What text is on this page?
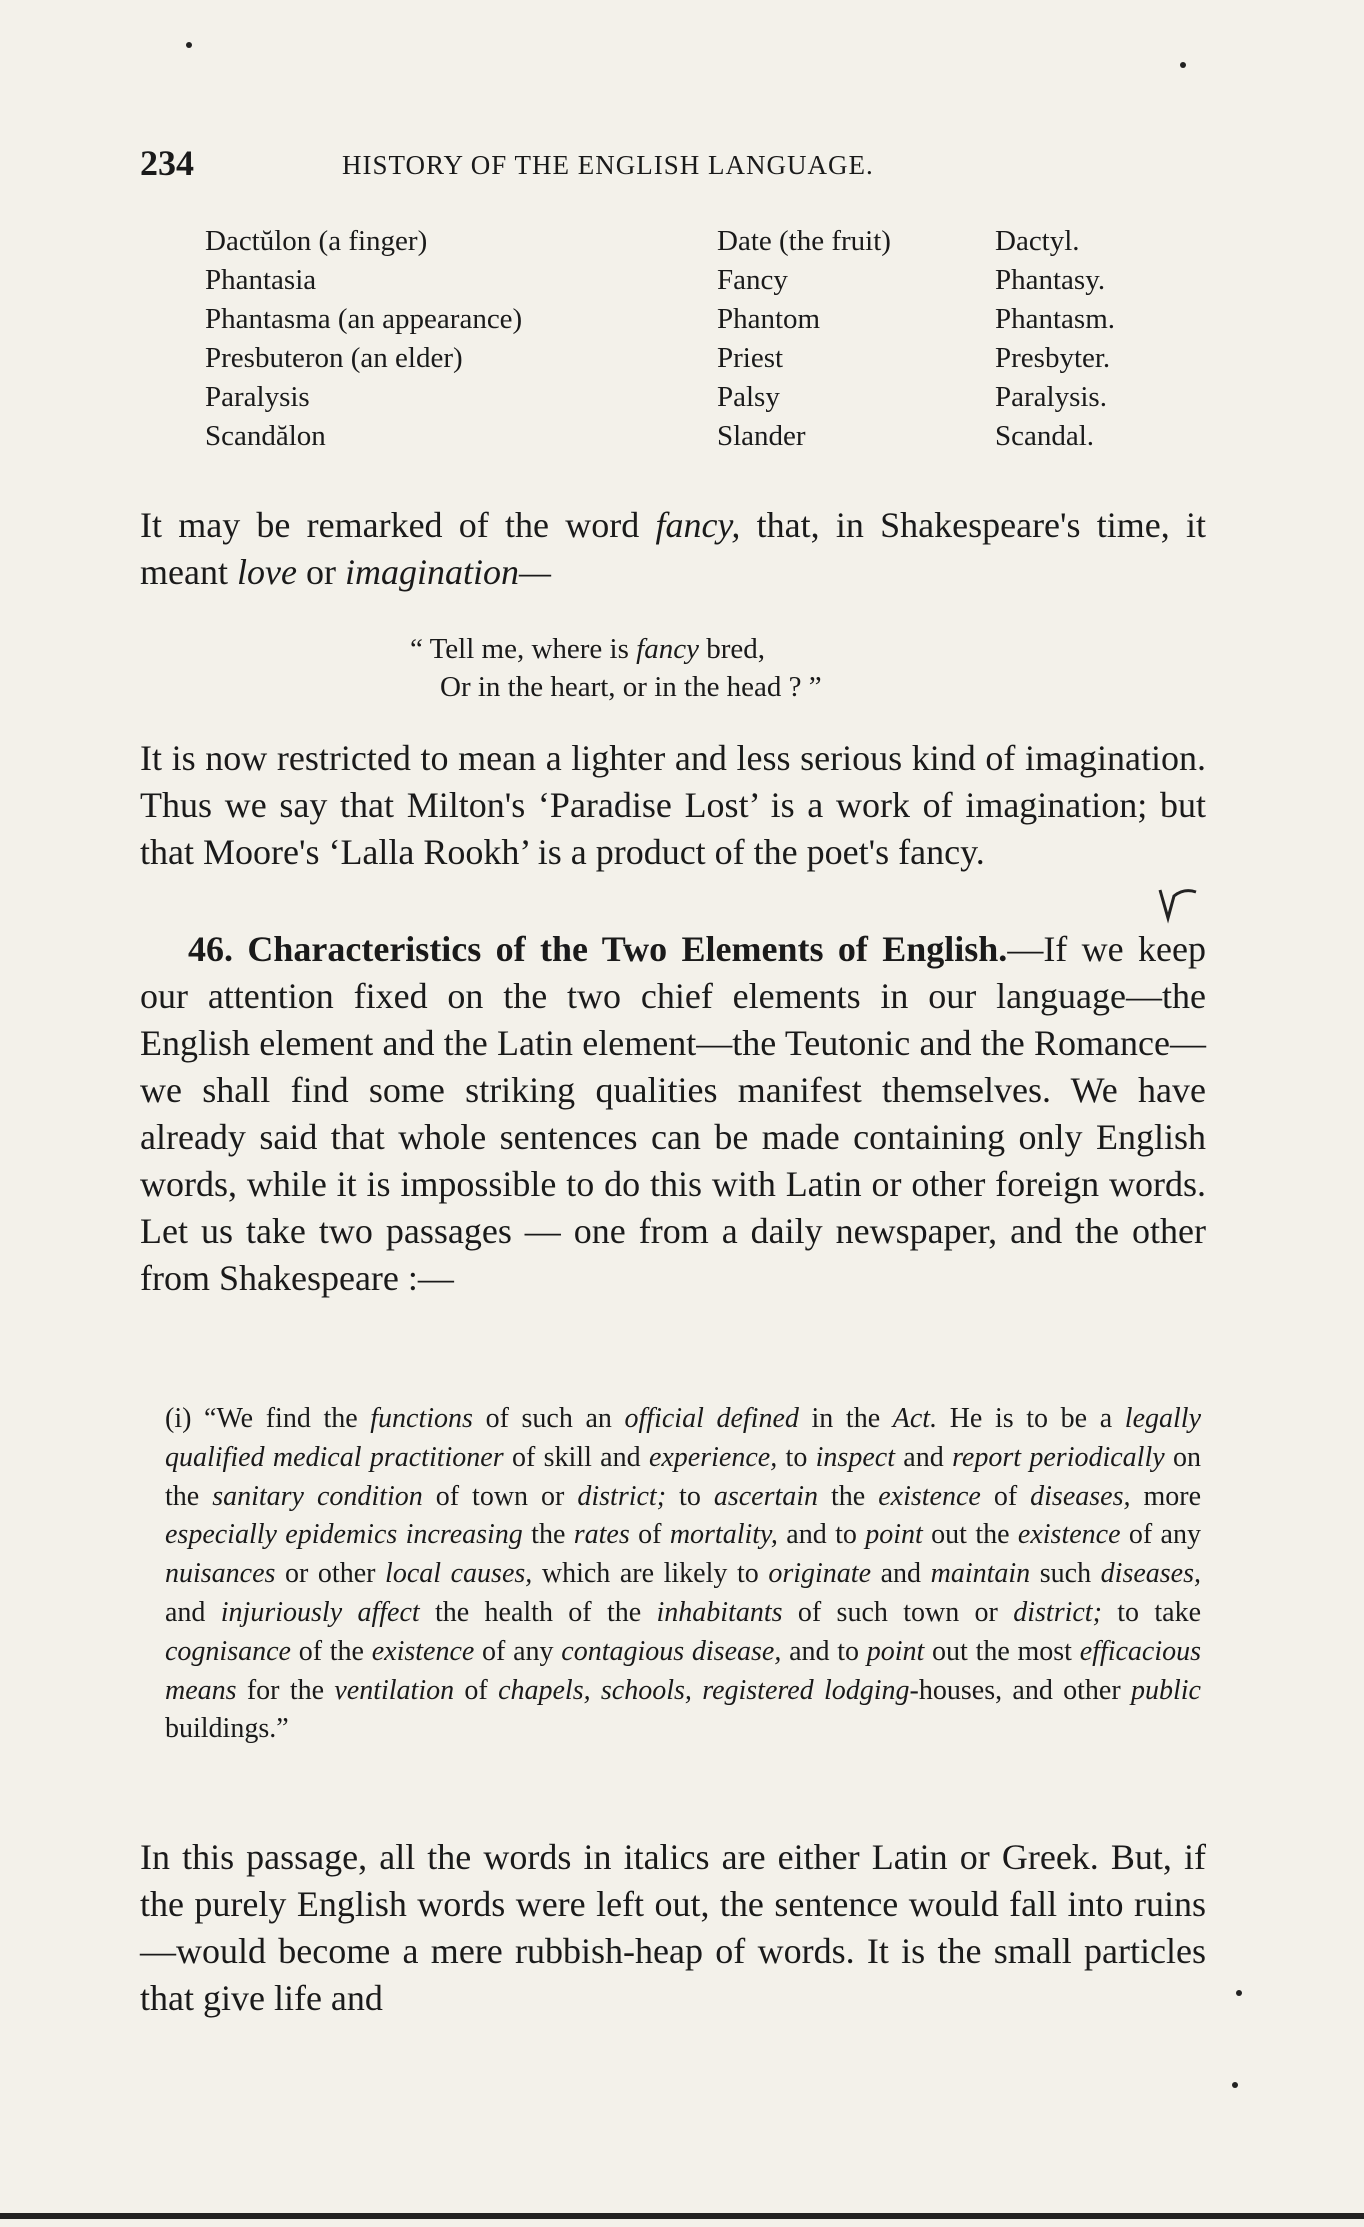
234	HISTORY OF THE ENGLISH LANGUAGE.
Dactŭlon (a finger)	Date (the fruit)	Dactyl.
Phantasia	Fancy	Phantasy.
Phantasma (an appearance)	Phantom	Phantasm.
Presbuteron (an elder)	Priest	Presbyter.
Paralysis	Palsy	Paralysis.
Scandălon	Slander	Scandal.
It may be remarked of the word fancy, that, in Shakespeare's time, it meant love or imagination—
“ Tell me, where is fancy bred,
Or in the heart, or in the head ? ”
It is now restricted to mean a lighter and less serious kind of imagination. Thus we say that Milton's ‘Paradise Lost’ is a work of imagination; but that Moore's ‘Lalla Rookh’ is a product of the poet's fancy.
46. Characteristics of the Two Elements of English.—If we keep our attention fixed on the two chief elements in our language—the English element and the Latin element—the Teutonic and the Romance—we shall find some striking qualities manifest themselves. We have already said that whole sentences can be made containing only English words, while it is impossible to do this with Latin or other foreign words. Let us take two passages — one from a daily newspaper, and the other from Shakespeare :—
(i) “We find the functions of such an official defined in the Act. He is to be a legally qualified medical practitioner of skill and experience, to inspect and report periodically on the sanitary condition of town or district; to ascertain the existence of diseases, more especially epidemics increasing the rates of mortality, and to point out the existence of any nuisances or other local causes, which are likely to originate and maintain such diseases, and injuriously affect the health of the inhabitants of such town or district; to take cognisance of the existence of any contagious disease, and to point out the most efficacious means for the ventilation of chapels, schools, registered lodging-houses, and other public buildings.”
In this passage, all the words in italics are either Latin or Greek. But, if the purely English words were left out, the sentence would fall into ruins—would become a mere rubbish-heap of words. It is the small particles that give life and
